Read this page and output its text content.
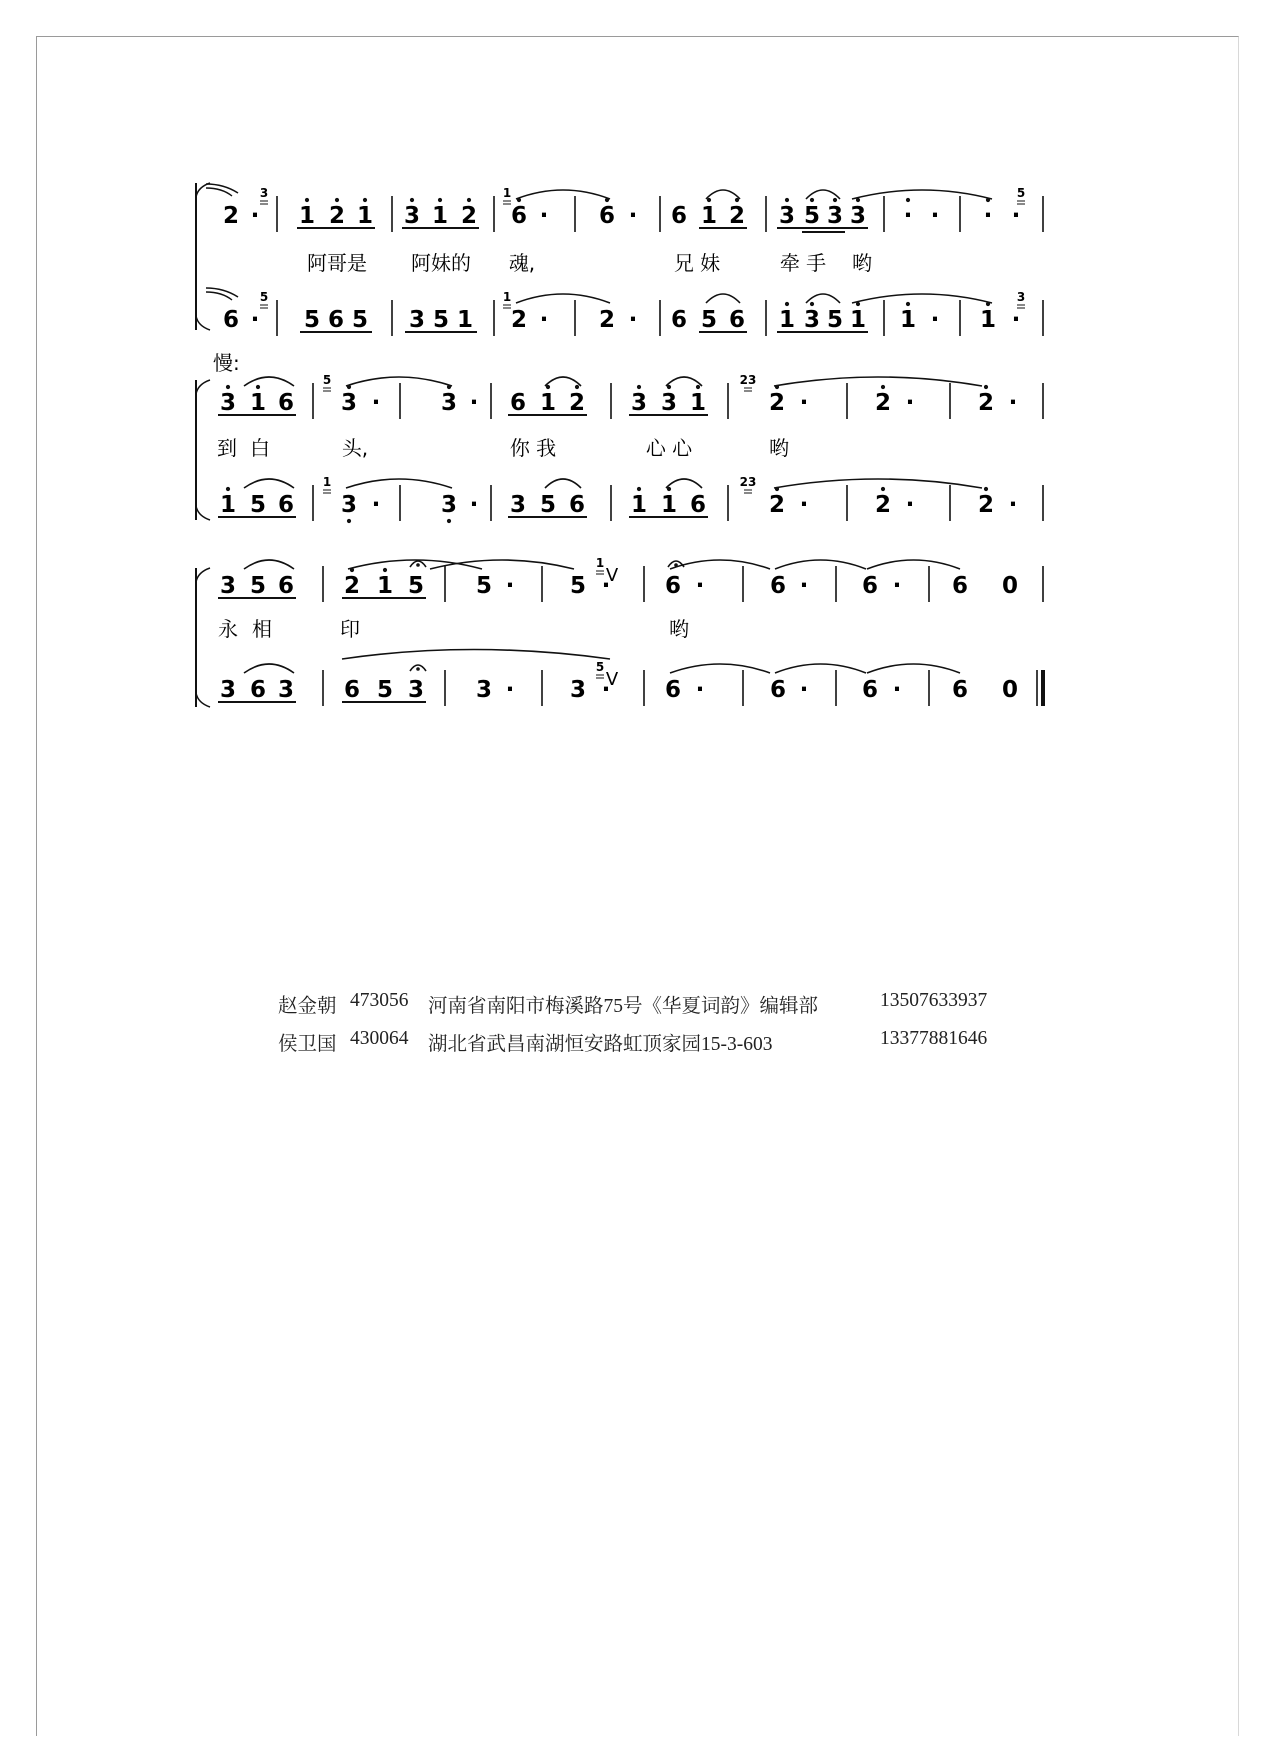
2 ·
3
1 2 1 3 1 2
1
6 · 6 · 6 1 2 3 5 3 3 · · · ·
5
阿哥是 阿妹的 魂,	兄 妹	牵 手 哟
6 ·
5
5 6 5 3 5 1
1
2 · 2 · 6 5 6 1 3 5 1 1 · 1 ·
3
慢:
3 1 6
5
3 ·	3 · 6 1 2 3 3 1
23
2 ·	2 ·	2 ·
到 白	头,	你 我	心 心	哟
1 5 6
1
3 ·	3 · 3 5 6 1 1 6
23
2 ·	2 ·	2 ·
3 5 6 2 1 5 5 · 5 ·
1
V 6 ·	6 · 6 · 6 0
永 相	印	哟
3 6 3 6 5 3 3 · 3 ·
5
V 6 ·	6 · 6 · 6 0
赵金朝 473056 河南省南阳市梅溪路75号《华夏词韵》编辑部	13507633937
侯卫国 430064 湖北省武昌南湖恒安路虹顶家园15-3-603	13377881646
